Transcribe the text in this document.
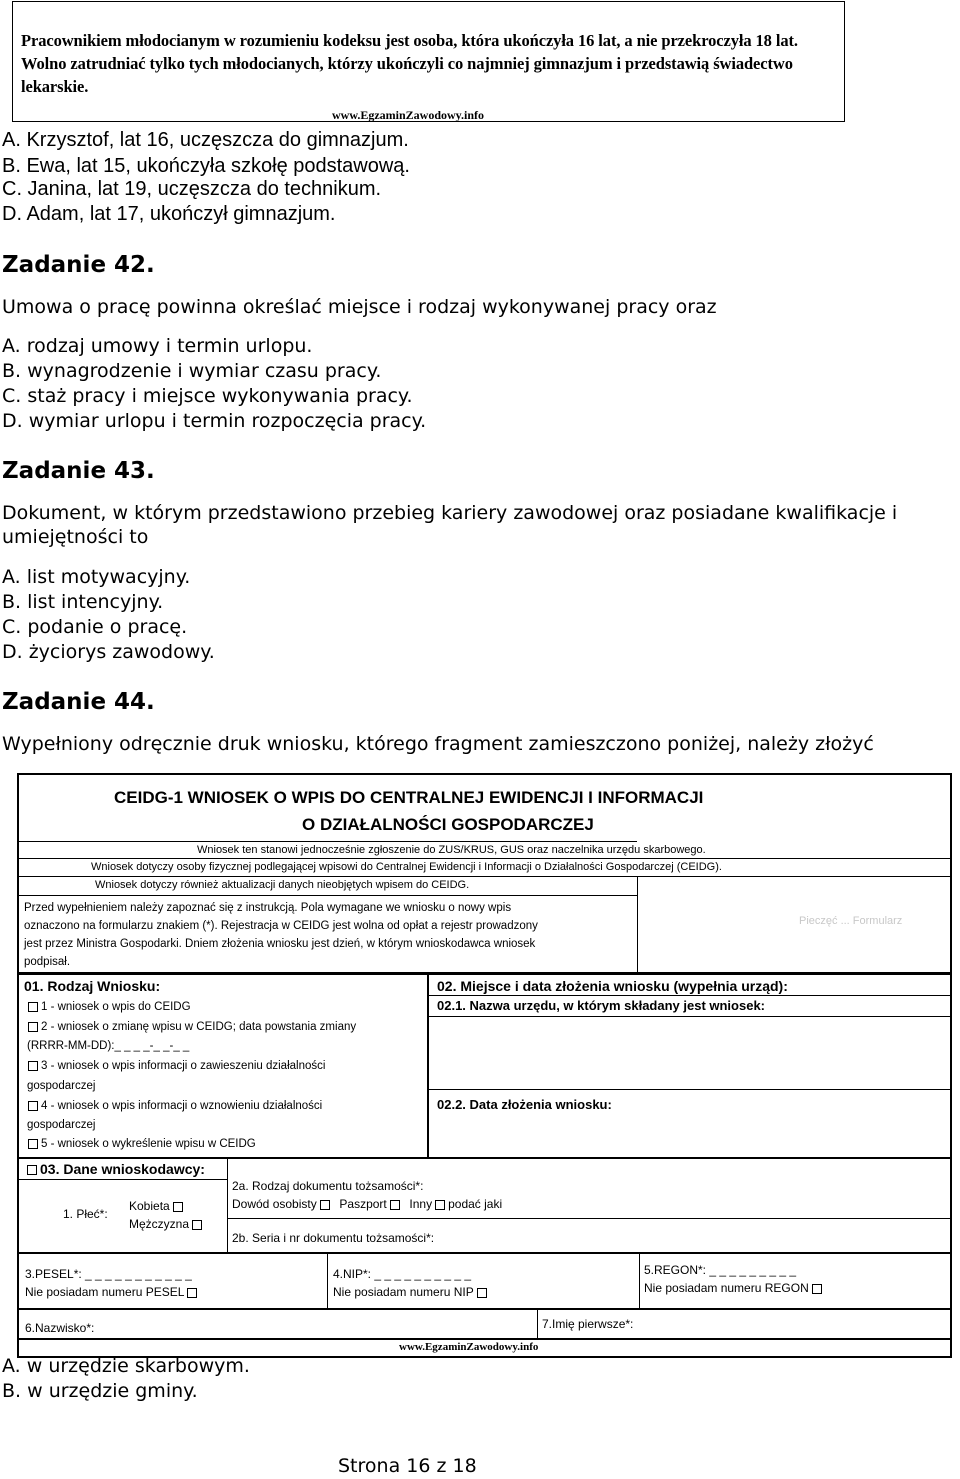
Pracownikiem młodocianym w rozumieniu kodeksu jest osoba, która ukończyła 16 lat, a nie przekroczyła 18 lat. Wolno zatrudniać tylko tych młodocianych, którzy ukończyli co najmniej gimnazjum i przedstawią świadectwo lekarskie.
www.EgzaminZawodowy.info
A. Krzysztof, lat 16, uczęszcza do gimnazjum.
B. Ewa, lat 15, ukończyła szkołę podstawową.
C. Janina, lat 19, uczęszcza do technikum.
D. Adam, lat 17, ukończył gimnazjum.
Zadanie 42.
Umowa o pracę powinna określać miejsce i rodzaj wykonywanej pracy oraz
A. rodzaj umowy i termin urlopu.
B. wynagrodzenie i wymiar czasu pracy.
C. staż pracy i miejsce wykonywania pracy.
D. wymiar urlopu i termin rozpoczęcia pracy.
Zadanie 43.
Dokument, w którym przedstawiono przebieg kariery zawodowej oraz posiadane kwalifikacje i
umiejętności to
A. list motywacyjny.
B. list intencyjny.
C. podanie o pracę.
D. życiorys zawodowy.
Zadanie 44.
Wypełniony odręcznie druk wniosku, którego fragment zamieszczono poniżej, należy złożyć
CEIDG-1 WNIOSEK O WPIS DO CENTRALNEJ EWIDENCJI I INFORMACJI
O DZIAŁALNOŚCI GOSPODARCZEJ
Wniosek ten stanowi jednocześnie zgłoszenie do ZUS/KRUS, GUS oraz naczelnika urzędu skarbowego.
Wniosek dotyczy osoby fizycznej podlegającej wpisowi do Centralnej Ewidencji i Informacji o Działalności Gospodarczej (CEIDG).
Wniosek dotyczy również aktualizacji danych nieobjętych wpisem do CEIDG.
Przed wypełnieniem należy zapoznać się z instrukcją. Pola wymagane we wniosku o nowy wpis
oznaczono na formularzu znakiem (*). Rejestracja w CEIDG jest wolna od opłat a rejestr prowadzony
jest przez Ministra Gospodarki. Dniem złożenia wniosku jest dzień, w którym wnioskodawca wniosek
podpisał.
Pieczęć ... Formularz
01. Rodzaj Wniosku:
1 - wniosek o wpis do CEIDG
2 - wniosek o zmianę wpisu w CEIDG; data powstania zmiany
(RRRR-MM-DD):_ _ _ _-_ _-_ _
3 - wniosek o wpis informacji o zawieszeniu działalności
gospodarczej
4 - wniosek o wpis informacji o wznowieniu działalności
gospodarczej
5 - wniosek o wykreślenie wpisu w CEIDG
02. Miejsce i data złożenia wniosku (wypełnia urząd):
02.1. Nazwa urzędu, w którym składany jest wniosek:
02.2. Data złożenia wniosku:
03. Dane wnioskodawcy:
1. Płeć*:
Kobieta
Mężczyzna
2a. Rodzaj dokumentu tożsamości*:
Dowód osobisty Paszport Inny podać jaki
2b. Seria i nr dokumentu tożsamości*:
3.PESEL*: _ _ _ _ _ _ _ _ _ _ _
Nie posiadam numeru PESEL
4.NIP*: _ _ _ _ _ _ _ _ _ _
Nie posiadam numeru NIP
5.REGON*: _ _ _ _ _ _ _ _ _
Nie posiadam numeru REGON
6.Nazwisko*:	7.Imię pierwsze*:
www.EgzaminZawodowy.info
A. w urzędzie skarbowym.
B. w urzędzie gminy.
Strona 16 z 18
